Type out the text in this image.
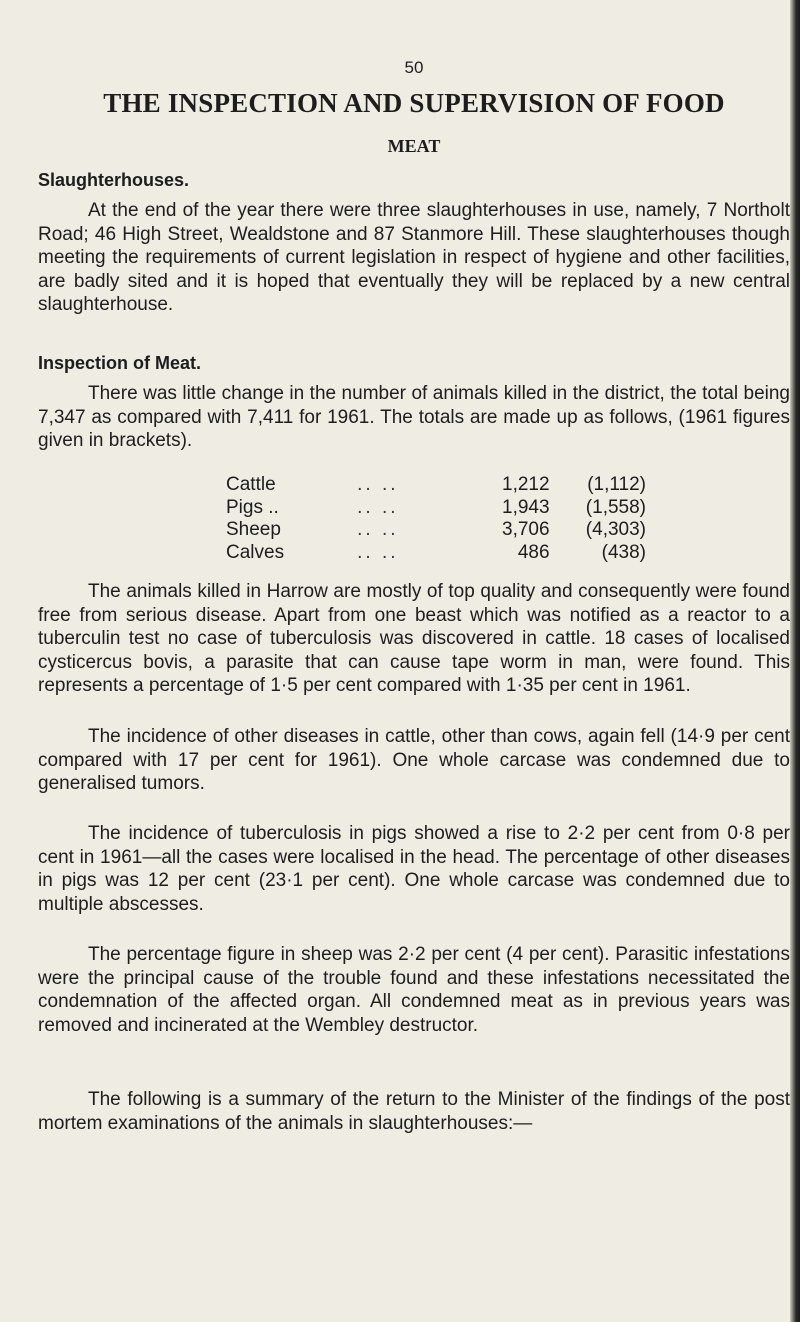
50
THE INSPECTION AND SUPERVISION OF FOOD
MEAT
Slaughterhouses.

At the end of the year there were three slaughterhouses in use, namely, 7 Northolt Road; 46 High Street, Wealdstone and 87 Stanmore Hill. These slaughterhouses though meeting the requirements of current legislation in respect of hygiene and other facilities, are badly sited and it is hoped that eventually they will be replaced by a new central slaughterhouse.

Inspection of Meat.

There was little change in the number of animals killed in the district, the total being 7,347 as compared with 7,411 for 1961. The totals are made up as follows, (1961 figures given in brackets).

Cattle	.. ..	1,212	(1,112)
Pigs ..	.. ..	1,943	(1,558)
Sheep	.. ..	3,706	(4,303)
Calves	.. ..	486	(438)

The animals killed in Harrow are mostly of top quality and consequently were found free from serious disease. Apart from one beast which was notified as a reactor to a tuberculin test no case of tuberculosis was discovered in cattle. 18 cases of localised cysticercus bovis, a parasite that can cause tape worm in man, were found. This represents a percentage of 1·5 per cent compared with 1·35 per cent in 1961.

The incidence of other diseases in cattle, other than cows, again fell (14·9 per cent compared with 17 per cent for 1961). One whole carcase was condemned due to generalised tumors.

The incidence of tuberculosis in pigs showed a rise to 2·2 per cent from 0·8 per cent in 1961—all the cases were localised in the head. The percentage of other diseases in pigs was 12 per cent (23·1 per cent). One whole carcase was condemned due to multiple abscesses.

The percentage figure in sheep was 2·2 per cent (4 per cent). Parasitic infestations were the principal cause of the trouble found and these infestations necessitated the condemnation of the affected organ. All condemned meat as in previous years was removed and incinerated at the Wembley destructor.

The following is a summary of the return to the Minister of the findings of the post mortem examinations of the animals in slaughterhouses:—
